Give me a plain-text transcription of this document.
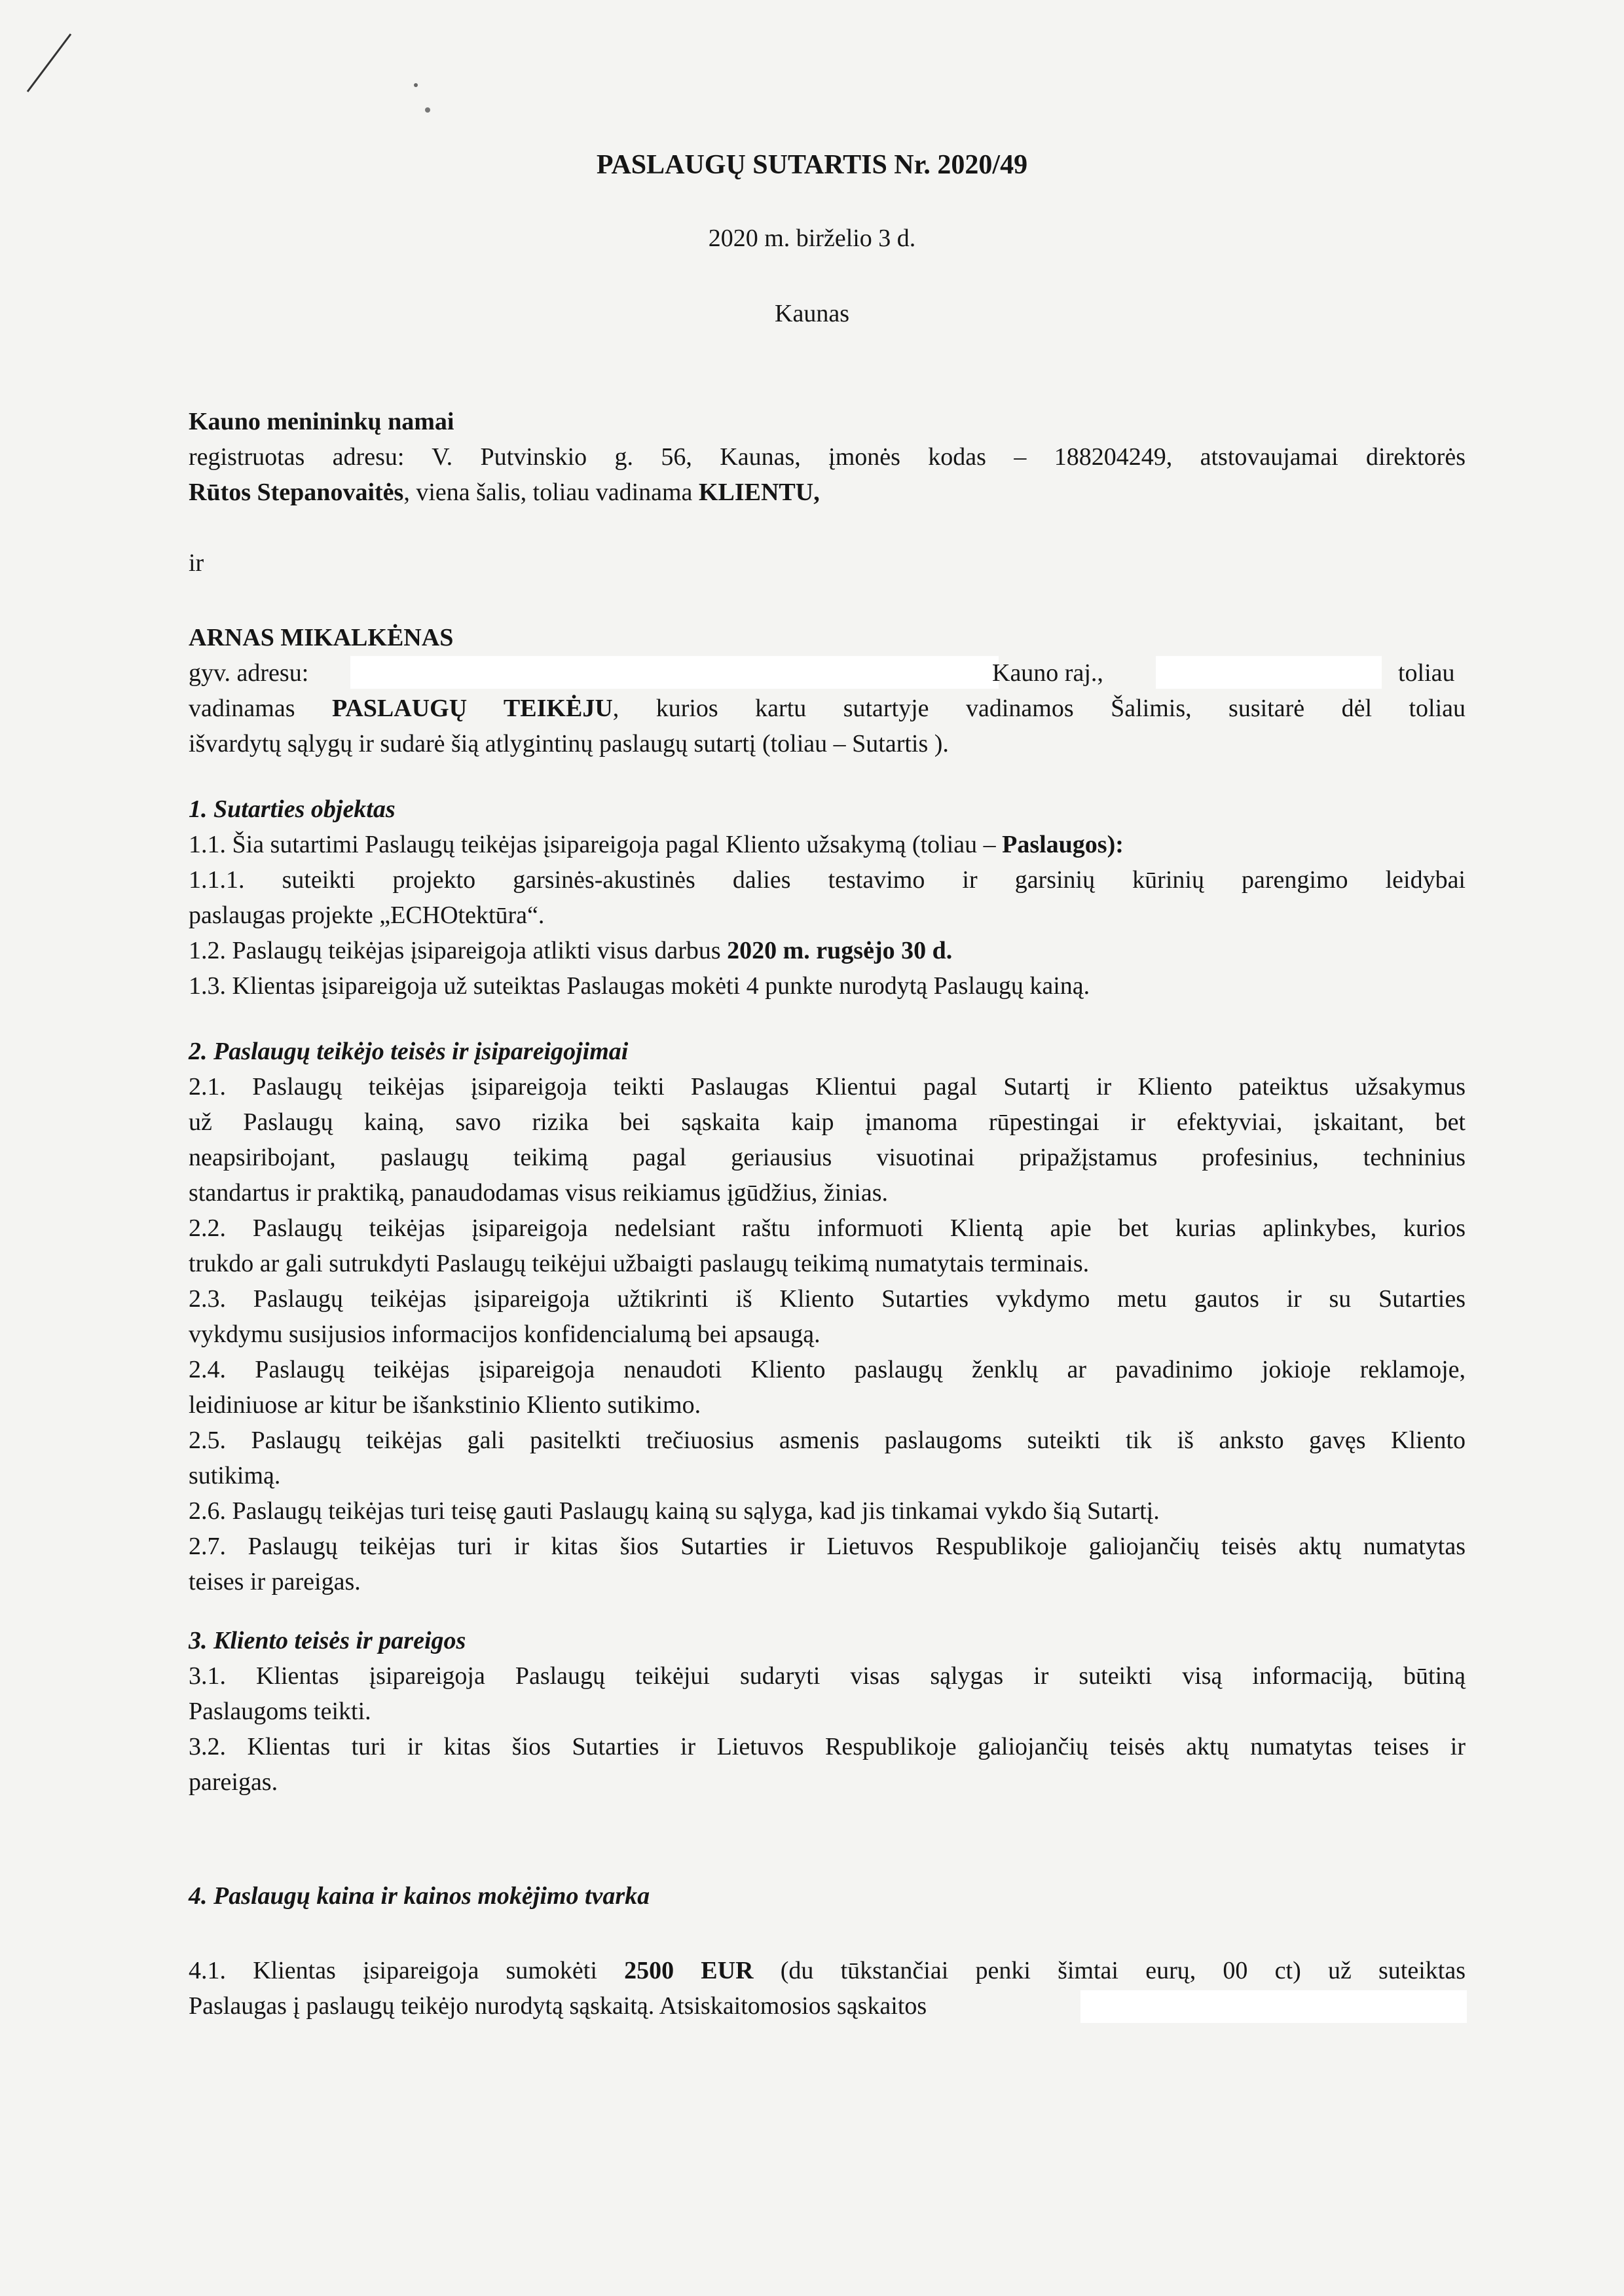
PASLAUGŲ SUTARTIS Nr. 2020/49
2020 m. birželio 3 d.
Kaunas
Kauno menininkų namai
registruotas adresu: V. Putvinskio g. 56, Kaunas, įmonės kodas – 188204249, atstovaujamai direktorės
Rūtos Stepanovaitės, viena šalis, toliau vadinama KLIENTU,
ir
ARNAS MIKALKĖNAS
gyv. adresu:	Kauno raj.,	toliau
vadinamas PASLAUGŲ TEIKĖJU, kurios kartu sutartyje vadinamos Šalimis, susitarė dėl toliau
išvardytų sąlygų ir sudarė šią atlygintinų paslaugų sutartį (toliau – Sutartis ).
1. Sutarties objektas
1.1. Šia sutartimi Paslaugų teikėjas įsipareigoja pagal Kliento užsakymą (toliau – Paslaugos):
1.1.1. suteikti projekto garsinės-akustinės dalies testavimo ir garsinių kūrinių parengimo leidybai
paslaugas projekte „ECHOtektūra“.
1.2. Paslaugų teikėjas įsipareigoja atlikti visus darbus 2020 m. rugsėjo 30 d.
1.3. Klientas įsipareigoja už suteiktas Paslaugas mokėti 4 punkte nurodytą Paslaugų kainą.
2. Paslaugų teikėjo teisės ir įsipareigojimai
2.1. Paslaugų teikėjas įsipareigoja teikti Paslaugas Klientui pagal Sutartį ir Kliento pateiktus užsakymus
už Paslaugų kainą, savo rizika bei sąskaita kaip įmanoma rūpestingai ir efektyviai, įskaitant, bet
neapsiribojant, paslaugų teikimą pagal geriausius visuotinai pripažįstamus profesinius, techninius
standartus ir praktiką, panaudodamas visus reikiamus įgūdžius, žinias.
2.2. Paslaugų teikėjas įsipareigoja nedelsiant raštu informuoti Klientą apie bet kurias aplinkybes, kurios
trukdo ar gali sutrukdyti Paslaugų teikėjui užbaigti paslaugų teikimą numatytais terminais.
2.3. Paslaugų teikėjas įsipareigoja užtikrinti iš Kliento Sutarties vykdymo metu gautos ir su Sutarties
vykdymu susijusios informacijos konfidencialumą bei apsaugą.
2.4. Paslaugų teikėjas įsipareigoja nenaudoti Kliento paslaugų ženklų ar pavadinimo jokioje reklamoje,
leidiniuose ar kitur be išankstinio Kliento sutikimo.
2.5. Paslaugų teikėjas gali pasitelkti trečiuosius asmenis paslaugoms suteikti tik iš anksto gavęs Kliento
sutikimą.
2.6. Paslaugų teikėjas turi teisę gauti Paslaugų kainą su sąlyga, kad jis tinkamai vykdo šią Sutartį.
2.7. Paslaugų teikėjas turi ir kitas šios Sutarties ir Lietuvos Respublikoje galiojančių teisės aktų numatytas
teises ir pareigas.
3. Kliento teisės ir pareigos
3.1. Klientas įsipareigoja Paslaugų teikėjui sudaryti visas sąlygas ir suteikti visą informaciją, būtiną
Paslaugoms teikti.
3.2. Klientas turi ir kitas šios Sutarties ir Lietuvos Respublikoje galiojančių teisės aktų numatytas teises ir
pareigas.
4. Paslaugų kaina ir kainos mokėjimo tvarka
4.1. Klientas įsipareigoja sumokėti 2500 EUR (du tūkstančiai penki šimtai eurų, 00 ct) už suteiktas
Paslaugas į paslaugų teikėjo nurodytą sąskaitą. Atsiskaitomosios sąskaitos
